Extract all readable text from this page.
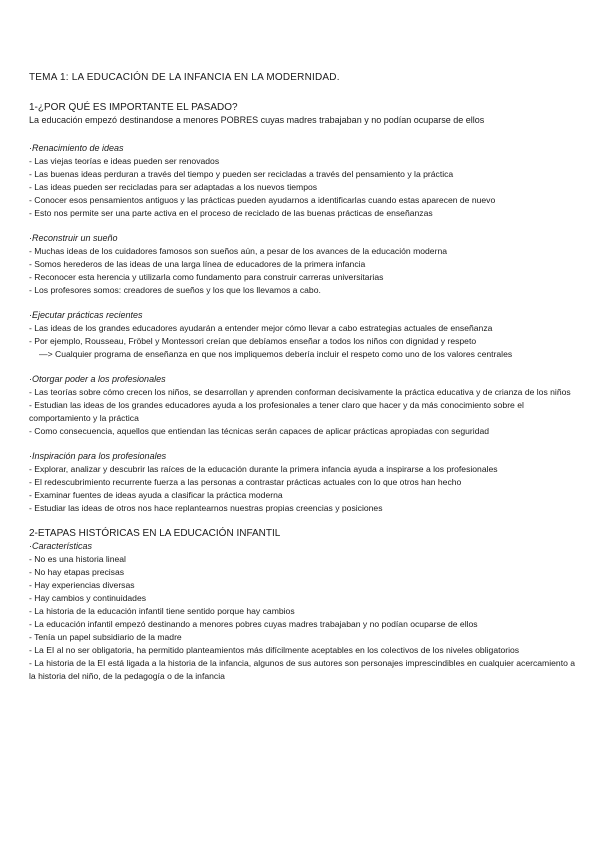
TEMA 1: LA EDUCACIÓN DE LA INFANCIA EN LA MODERNIDAD.

1-¿POR QUÉ ES IMPORTANTE EL PASADO?

La educación empezó destinandose a menores POBRES cuyas madres trabajaban y no podían ocuparse de ellos

·Renacimiento de ideas

- Las viejas teorías e ideas pueden ser renovados

- Las buenas ideas perduran a través del tiempo y pueden ser recicladas a través del pensamiento y la práctica

- Las ideas pueden ser recicladas para ser adaptadas a los nuevos tiempos

- Conocer esos pensamientos antiguos y las prácticas pueden ayudarnos a identificarlas cuando estas aparecen de nuevo

- Esto nos permite ser una parte activa en el proceso de reciclado de las buenas prácticas de enseñanzas

·Reconstruir un sueño

- Muchas ideas de los cuidadores famosos son sueños aún, a pesar de los avances de la educación moderna

- Somos herederos de las ideas de una larga línea de educadores de la primera infancia

- Reconocer esta herencia y utilizarla como fundamento para construir carreras universitarias

- Los profesores somos: creadores de sueños y los que los llevamos a cabo.

·Ejecutar prácticas recientes

- Las ideas de los grandes educadores ayudarán a entender mejor cómo llevar a cabo estrategias actuales de enseñanza

- Por ejemplo, Rousseau, Fröbel y Montessori creían que debíamos enseñar a todos los niños con dignidad y respeto

—> Cualquier programa de enseñanza en que nos impliquemos debería incluir el respeto como uno de los valores centrales

·Otorgar poder a los profesionales

- Las teorías sobre cómo crecen los niños, se desarrollan y aprenden conforman decisivamente la práctica educativa y de crianza de los niños

- Estudian las ideas de los grandes educadores ayuda a los profesionales a tener claro que hacer y da más conocimiento sobre el comportamiento y la práctica

- Como consecuencia, aquellos que entiendan las técnicas serán capaces de aplicar prácticas apropiadas con seguridad

·Inspiración para los profesionales

- Explorar, analizar y descubrir las raíces de la educación durante la primera infancia ayuda a inspirarse a los profesionales

- El redescubrimiento recurrente fuerza a las personas a contrastar prácticas actuales con lo que otros han hecho

- Examinar fuentes de ideas ayuda a clasificar la práctica moderna

- Estudiar las ideas de otros nos hace replantearnos nuestras propias creencias y posiciones

2-ETAPAS HISTÓRICAS EN LA EDUCACIÓN INFANTIL

·Características

- No es una historia lineal

- No hay etapas precisas

- Hay experiencias diversas

- Hay cambios y continuidades

- La historia de la educación infantil tiene sentido porque hay cambios

- La educación infantil empezó destinando a menores pobres cuyas madres trabajaban y no podían ocuparse de ellos

- Tenía un papel subsidiario de la madre

- La EI al no ser obligatoria, ha permitido planteamientos más difícilmente aceptables en los colectivos de los niveles obligatorios

- La historia de la EI está ligada a la historia de la infancia, algunos de sus autores son personajes imprescindibles en cualquier acercamiento a la historia del niño, de la pedagogía o de la infancia
